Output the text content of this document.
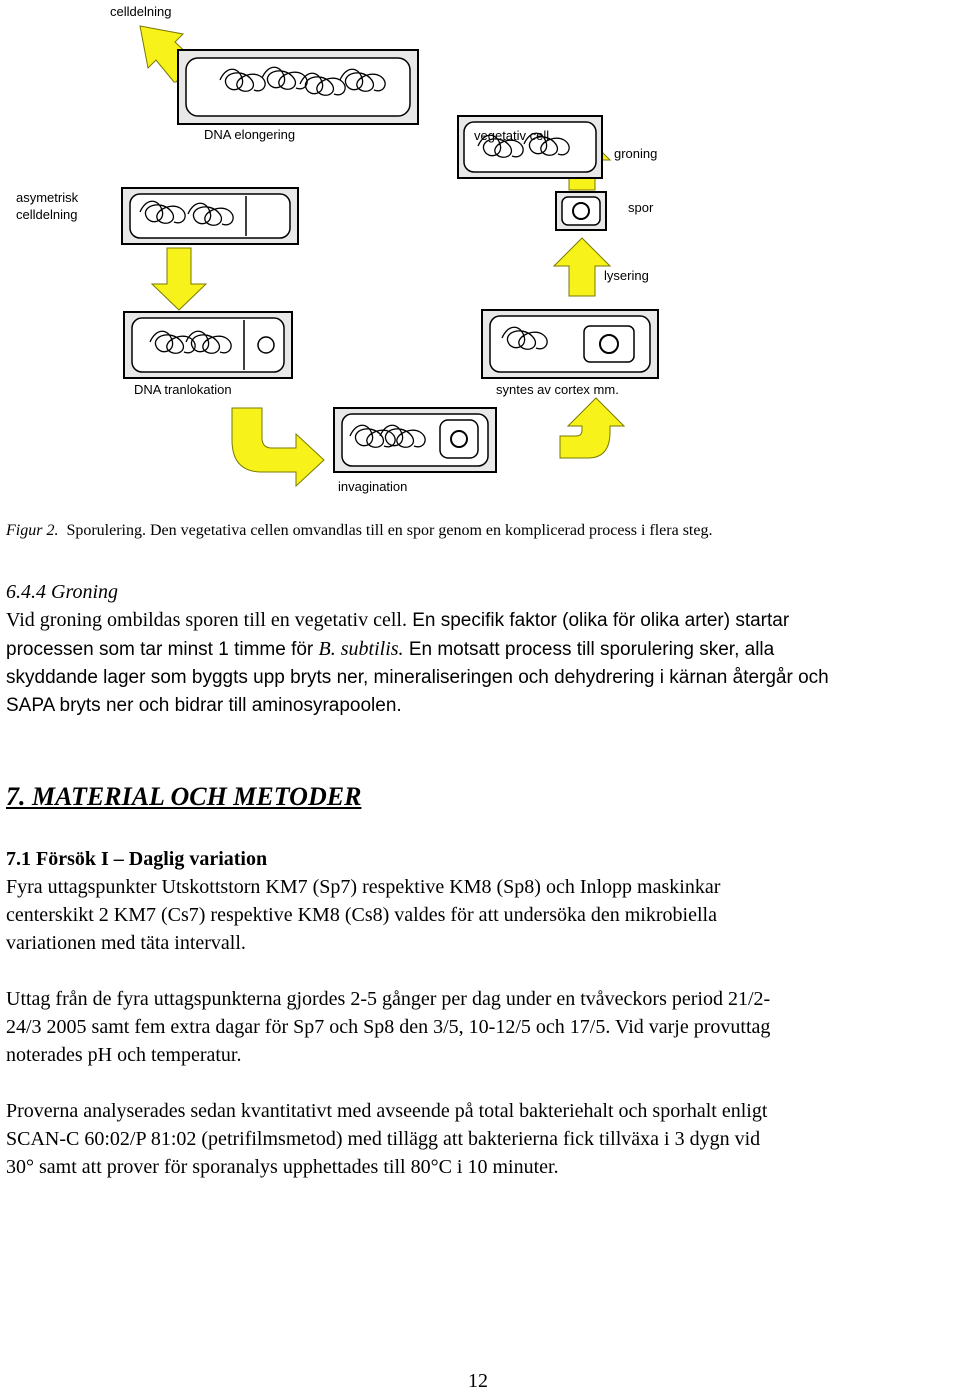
celldelning
DNA elongering	vegetativ cell
groning
asymetrisk
celldelning	spor
lysering
DNA tranlokation	syntes av cortex mm.
invagination
Figur 2. Sporulering. Den vegetativa cellen omvandlas till en spor genom en komplicerad process i flera steg.
6.4.4 Groning
Vid groning ombildas sporen till en vegetativ cell. En specifik faktor (olika för olika arter) startar
processen som tar minst 1 timme för B. subtilis. En motsatt process till sporulering sker, alla
skyddande lager som byggts upp bryts ner, mineraliseringen och dehydrering i kärnan återgår och
SAPA bryts ner och bidrar till aminosyrapoolen.
7. MATERIAL OCH METODER
7.1 Försök I – Daglig variation
Fyra uttagspunkter Utskottstorn KM7 (Sp7) respektive KM8 (Sp8) och Inlopp maskinkar
centerskikt 2 KM7 (Cs7) respektive KM8 (Cs8) valdes för att undersöka den mikrobiella
variationen med täta intervall.
Uttag från de fyra uttagspunkterna gjordes 2-5 gånger per dag under en tvåveckors period 21/2-
24/3 2005 samt fem extra dagar för Sp7 och Sp8 den 3/5, 10-12/5 och 17/5. Vid varje provuttag
noterades pH och temperatur.
Proverna analyserades sedan kvantitativt med avseende på total bakteriehalt och sporhalt enligt
SCAN-C 60:02/P 81:02 (petrifilmsmetod) med tillägg att bakterierna fick tillväxa i 3 dygn vid
30° samt att prover för sporanalys upphettades till 80°C i 10 minuter.
12
